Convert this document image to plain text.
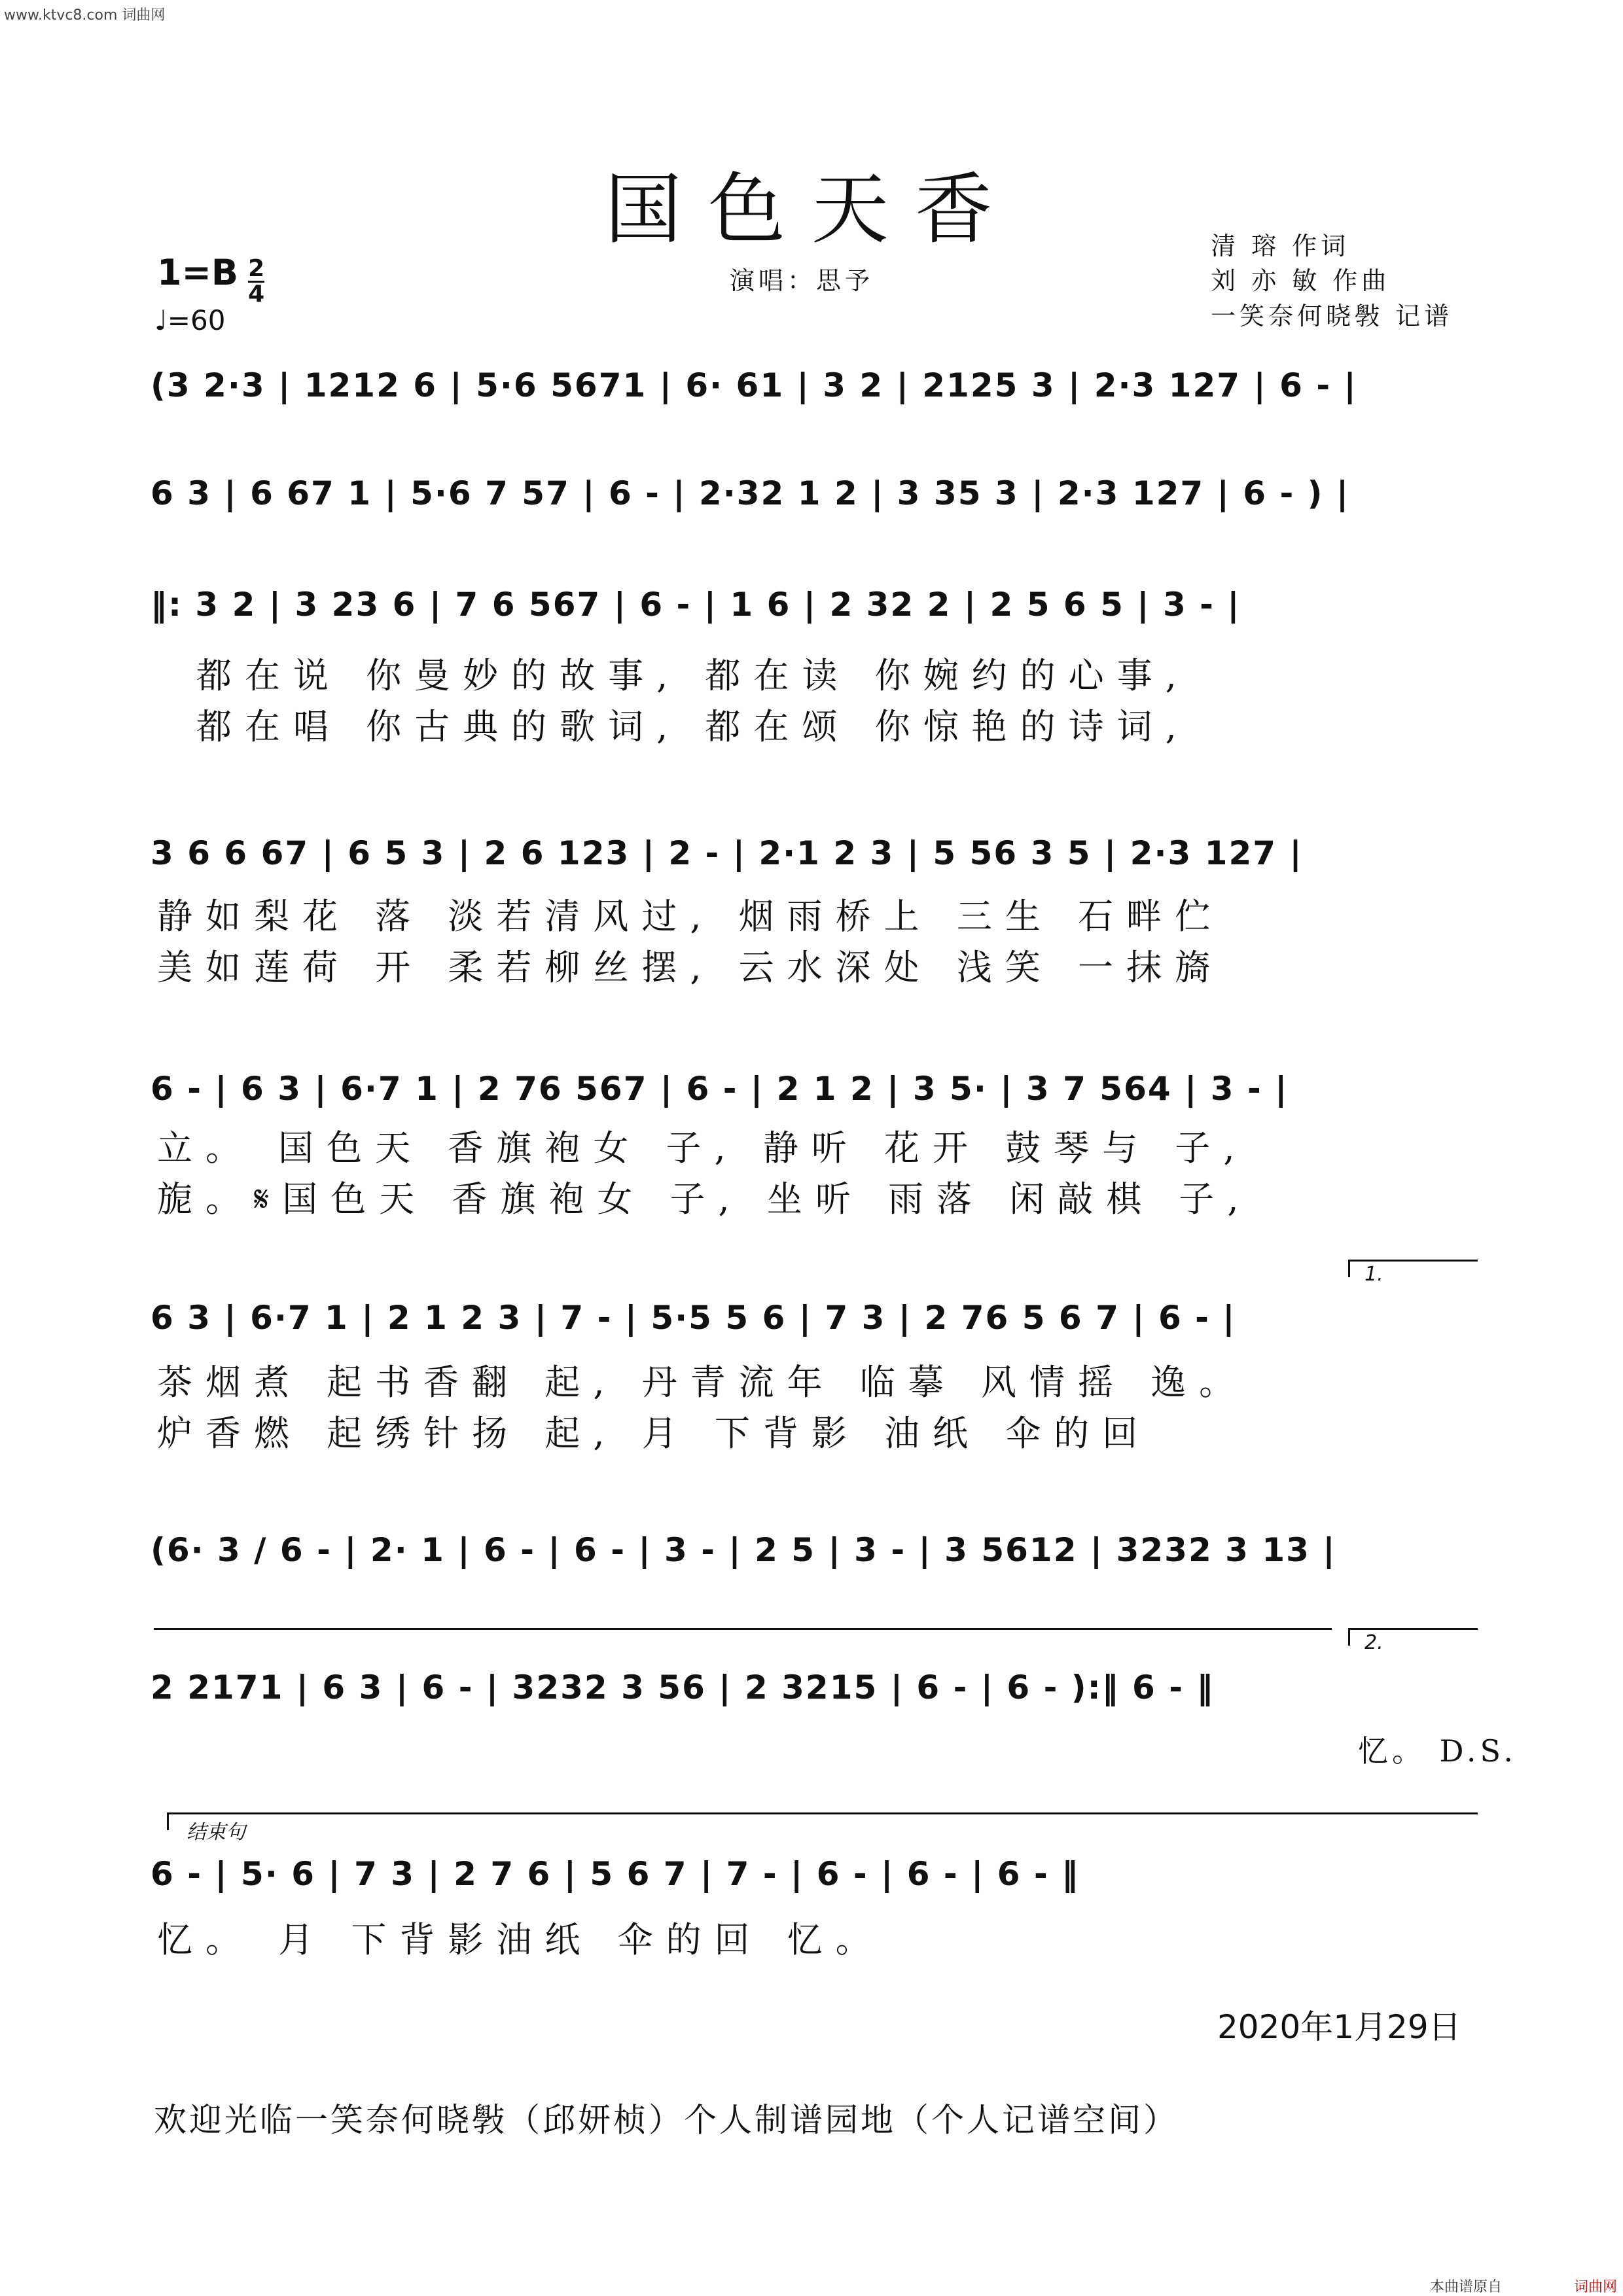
www.ktvc8.com 词曲网
国色天香
$1=B \frac{2}{4}$
♩=60
演唱：思予
清 瑢 作词
刘 亦 敏 作曲
一笑奈何晓斅 记谱
(3 2·3 | 1212 6 | 5·6 5671 | 6· 61 | 3 2 | 2125 3 | 2·3 127 | 6 - |
6 3 | 6 67 1 | 5·6 7 57 | 6 - | 2·32 1 2 | 3 35 3 | 2·3 127 | 6 - ) |
‖: 3 2 | 3 23 6 | 7 6 567 | 6 - | 1 6 | 2 32 2 | 2 5 6 5 | 3 - |
都在说 你曼妙的故事, 都在读 你婉约的心事,
都在唱 你古典的歌词, 都在颂 你惊艳的诗词,
3 6 6 67 | 6 5 3 | 2 6 123 | 2 - | 2·1 2 3 | 5 56 3 5 | 2·3 127 |
静如梨花 落 淡若清风过, 烟雨桥上 三生 石畔伫
美如莲荷 开 柔若柳丝摆, 云水深处 浅笑 一抹旖
6 - | 6 3 | 6·7 1 | 2 76 567 | 6 - | 2 1 2 | 3 5· | 3 7 564 | 3 - |
立。 国色天 香旗袍女 子, 静听 花开 鼓琴与 子,
旎。𝄋国色天 香旗袍女 子, 坐听 雨落 闲敲棋 子,
1.
6 3 | 6·7 1 | 2 1 2 3 | 7 - | 5·5 5 6 | 7 3 | 2 76 5 6 7 | 6 - |
茶烟煮 起书香翻 起, 丹青流年 临摹 风情摇 逸。
炉香燃 起绣针扬 起, 月 下背影 油纸 伞的回
(6· 3 / 6 - | 2· 1 | 6 - | 6 - | 3 - | 2 5 | 3 - | 3 5612 | 3232 3 13 |
2.
2 2171 | 6 3 | 6 - | 3232 3 56 | 2 3215 | 6 - | 6 - ):‖ 6 - ‖
忆。 D.S.
结束句
6 - | 5· 6 | 7 3 | 2 7 6 | 5 6 7 | 7 - | 6 - | 6 - | 6 - ‖
忆。 月 下背影油纸 伞的回 忆。
2020年1月29日
欢迎光临一笑奈何晓斅（邱妍桢）个人制谱园地（个人记谱空间）
本曲谱原自	词曲网
